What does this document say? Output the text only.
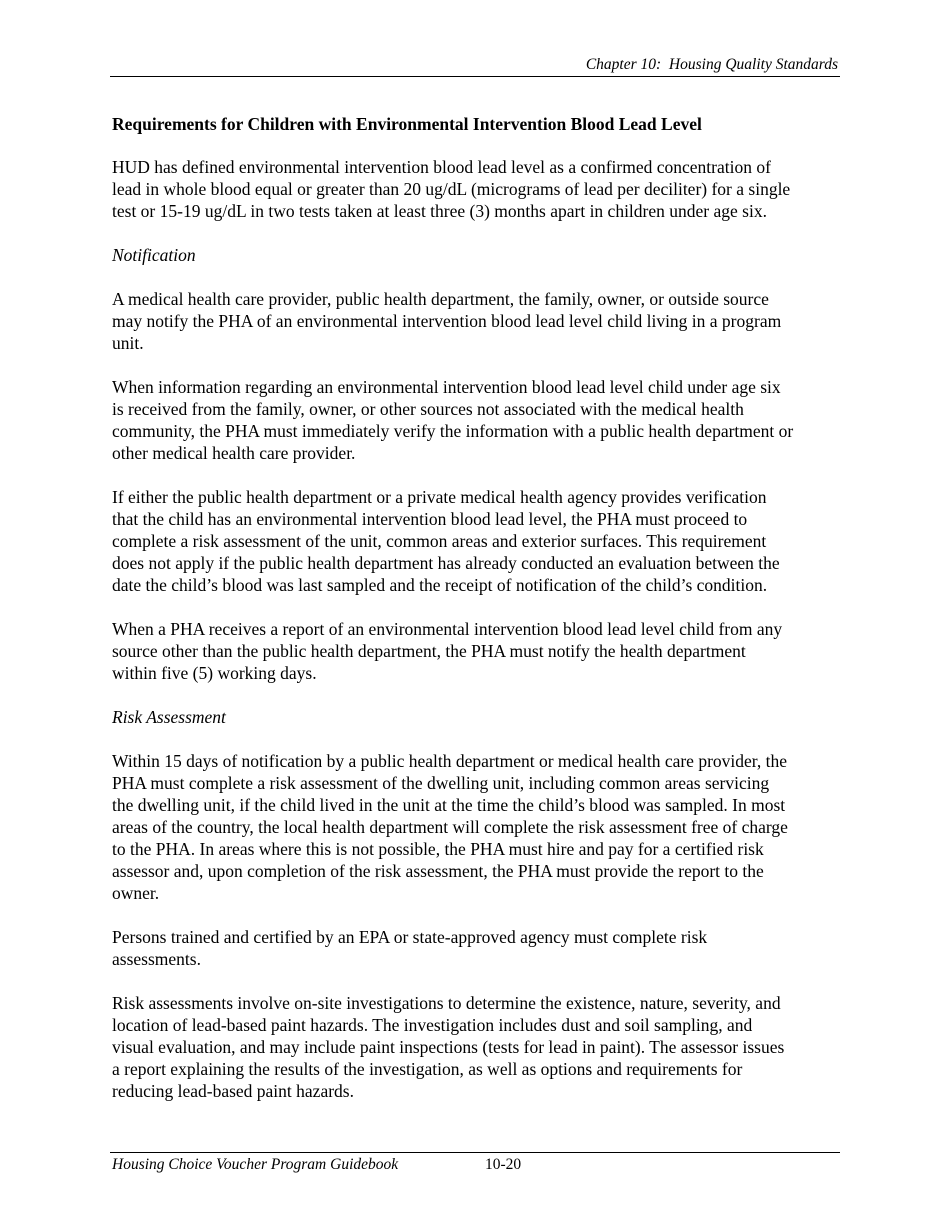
Chapter 10:  Housing Quality Standards
Requirements for Children with Environmental Intervention Blood Lead Level
HUD has defined environmental intervention blood lead level as a confirmed concentration of
lead in whole blood equal or greater than 20 ug/dL (micrograms of lead per deciliter) for a single
test or 15-19 ug/dL in two tests taken at least three (3) months apart in children under age six.
Notification
A medical health care provider, public health department, the family, owner, or outside source
may notify the PHA of an environmental intervention blood lead level child living in a program
unit.
When information regarding an environmental intervention blood lead level child under age six
is received from the family, owner, or other sources not associated with the medical health
community, the PHA must immediately verify the information with a public health department or
other medical health care provider.
If either the public health department or a private medical health agency provides verification
that the child has an environmental intervention blood lead level, the PHA must proceed to
complete a risk assessment of the unit, common areas and exterior surfaces. This requirement
does not apply if the public health department has already conducted an evaluation between the
date the child’s blood was last sampled and the receipt of notification of the child’s condition.
When a PHA receives a report of an environmental intervention blood lead level child from any
source other than the public health department, the PHA must notify the health department
within five (5) working days.
Risk Assessment
Within 15 days of notification by a public health department or medical health care provider, the
PHA must complete a risk assessment of the dwelling unit, including common areas servicing
the dwelling unit, if the child lived in the unit at the time the child’s blood was sampled. In most
areas of the country, the local health department will complete the risk assessment free of charge
to the PHA. In areas where this is not possible, the PHA must hire and pay for a certified risk
assessor and, upon completion of the risk assessment, the PHA must provide the report to the
owner.
Persons trained and certified by an EPA or state-approved agency must complete risk
assessments.
Risk assessments involve on-site investigations to determine the existence, nature, severity, and
location of lead-based paint hazards. The investigation includes dust and soil sampling, and
visual evaluation, and may include paint inspections (tests for lead in paint). The assessor issues
a report explaining the results of the investigation, as well as options and requirements for
reducing lead-based paint hazards.
Housing Choice Voucher Program Guidebook	10-20
